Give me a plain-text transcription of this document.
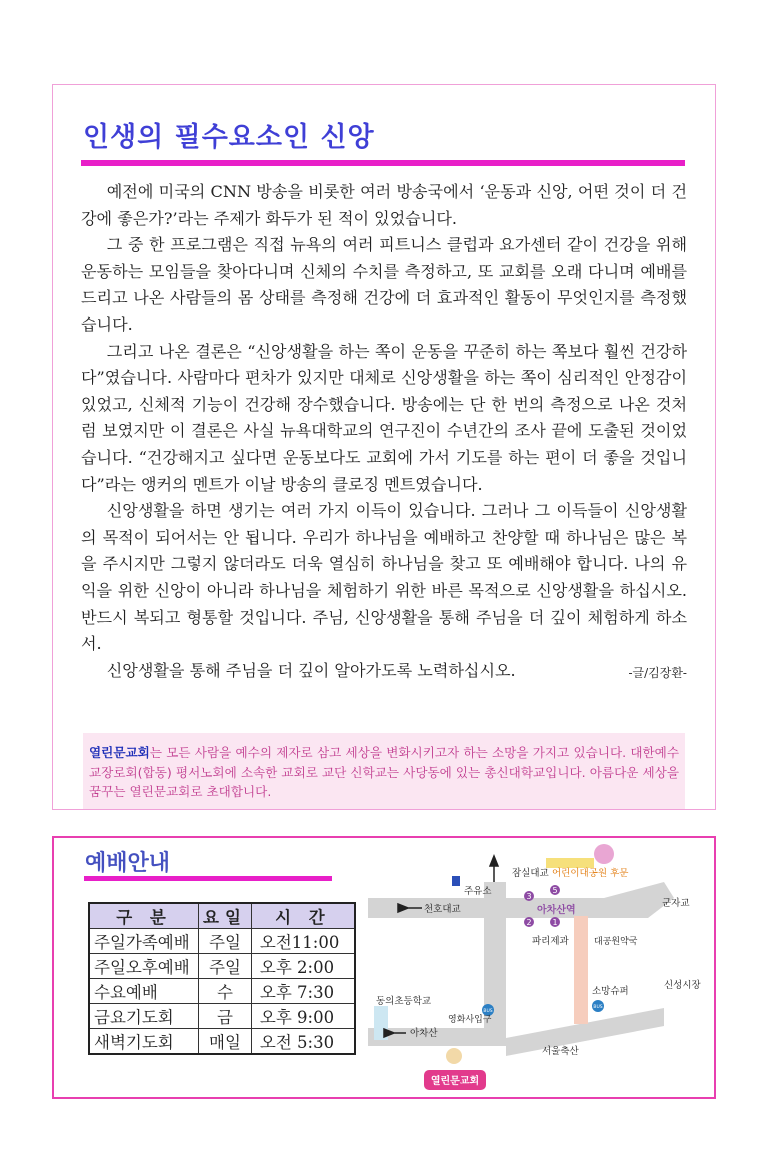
인생의 필수요소인 신앙

예전에 미국의 CNN 방송을 비롯한 여러 방송국에서 ‘운동과 신앙, 어떤 것이 더 건강에 좋은가?’라는 주제가 화두가 된 적이 있었습니다.

그 중 한 프로그램은 직접 뉴욕의 여러 피트니스 클럽과 요가센터 같이 건강을 위해 운동하는 모임들을 찾아다니며 신체의 수치를 측정하고, 또 교회를 오래 다니며 예배를 드리고 나온 사람들의 몸 상태를 측정해 건강에 더 효과적인 활동이 무엇인지를 측정했습니다.

그리고 나온 결론은 “신앙생활을 하는 쪽이 운동을 꾸준히 하는 쪽보다 훨씬 건강하다”였습니다. 사람마다 편차가 있지만 대체로 신앙생활을 하는 쪽이 심리적인 안정감이 있었고, 신체적 기능이 건강해 장수했습니다. 방송에는 단 한 번의 측정으로 나온 것처럼 보였지만 이 결론은 사실 뉴욕대학교의 연구진이 수년간의 조사 끝에 도출된 것이었습니다. “건강해지고 싶다면 운동보다도 교회에 가서 기도를 하는 편이 더 좋을 것입니다”라는 앵커의 멘트가 이날 방송의 클로징 멘트였습니다.

신앙생활을 하면 생기는 여러 가지 이득이 있습니다. 그러나 그 이득들이 신앙생활의 목적이 되어서는 안 됩니다. 우리가 하나님을 예배하고 찬양할 때 하나님은 많은 복을 주시지만 그렇지 않더라도 더욱 열심히 하나님을 찾고 또 예배해야 합니다. 나의 유익을 위한 신앙이 아니라 하나님을 체험하기 위한 바른 목적으로 신앙생활을 하십시오. 반드시 복되고 형통할 것입니다. 주님, 신앙생활을 통해 주님을 더 깊이 체험하게 하소서.

신앙생활을 통해 주님을 더 깊이 알아가도록 노력하십시오.	-글/김장환-

열린문교회는 모든 사람을 예수의 제자로 삼고 세상을 변화시키고자 하는 소망을 가지고 있습니다. 대한예수교장로회(합동) 평서노회에 소속한 교회로 교단 신학교는 사당동에 있는 총신대학교입니다. 아름다운 세상을 꿈꾸는 열린문교회로 초대합니다.
예배안내
구 분	요일	시 간
주일가족예배	주일	오전11:00
주일오후예배	주일	오후 2:00
수요예배	수	오후 7:30
금요기도회	금	오후 9:00
새벽기도회	매일	오전 5:30
3
5
2	1
BUS
BUS
잠실대교 어린이대공원 후문
주유소
군자교
천호대교	아차산역
파리제과	대공원약국
신성시장
소망슈퍼
동의초등학교
영화사입구
아차산
서울축산
열린문교회
